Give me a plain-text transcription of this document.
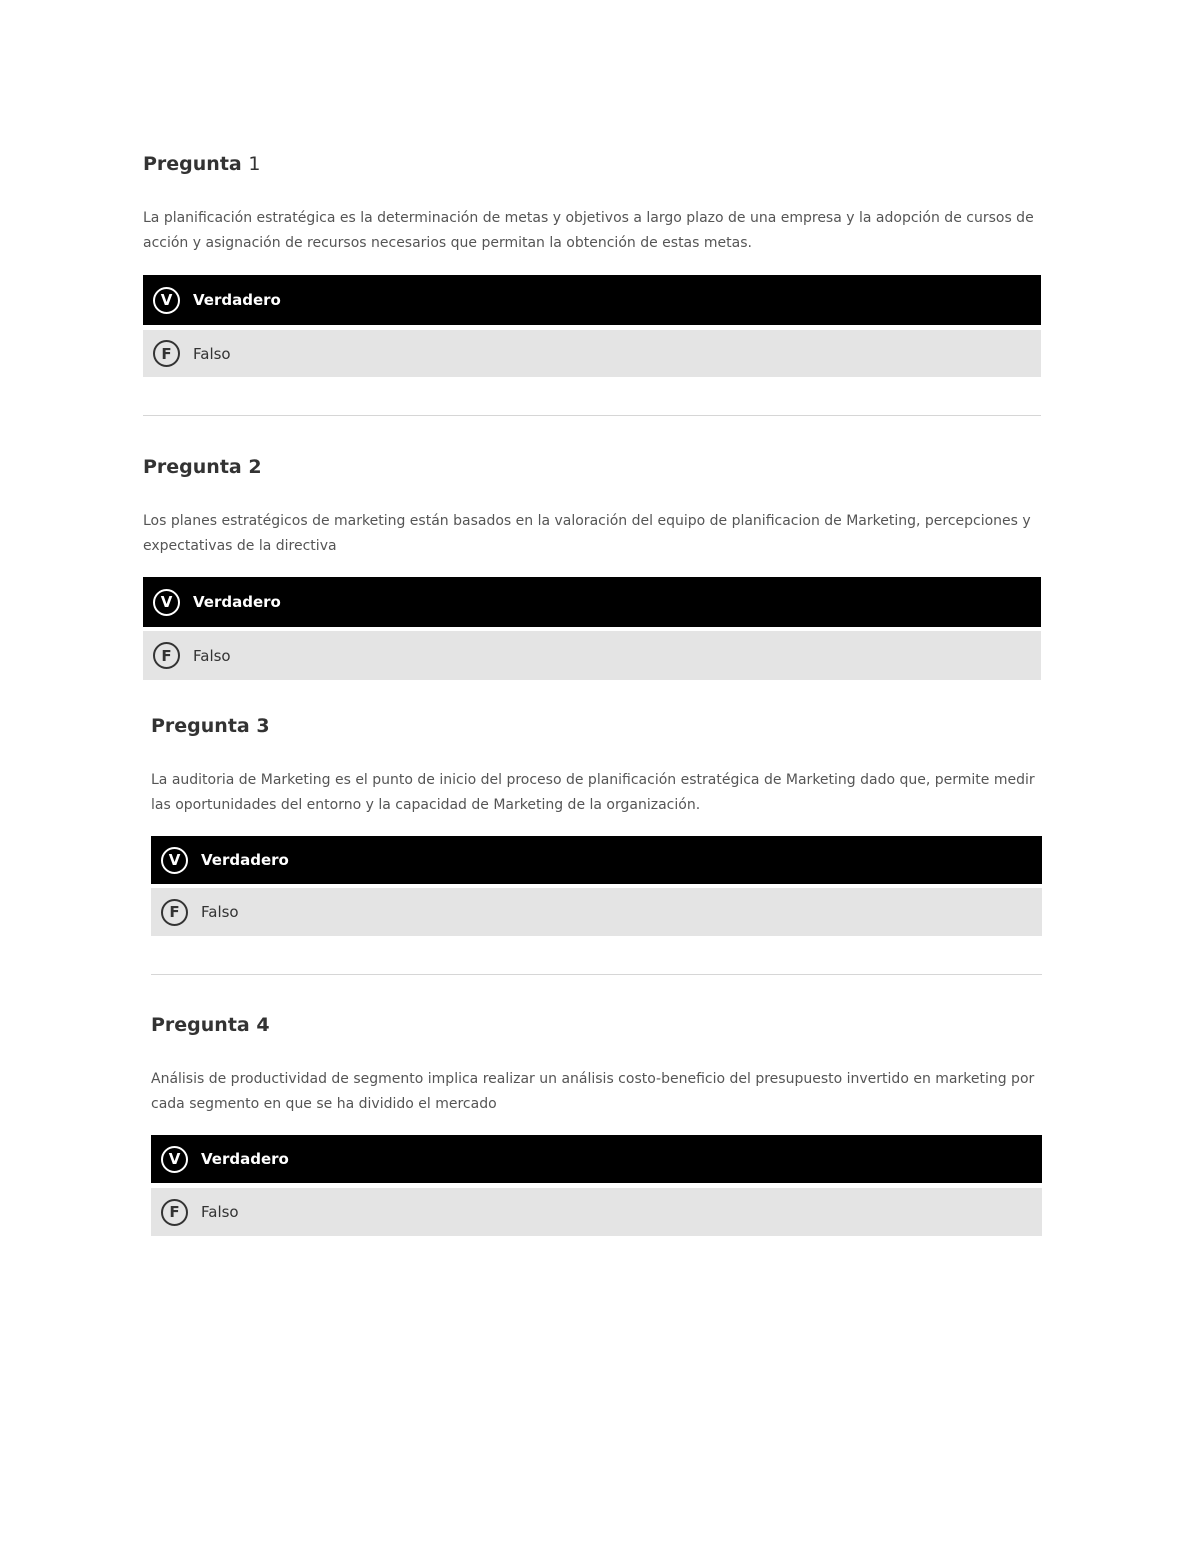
Pregunta 1

La planificación estratégica es la determinación de metas y objetivos a largo plazo de una empresa y la adopción de cursos de acción y asignación de recursos necesarios que permitan la obtención de estas metas.

V	Verdadero
F	Falso
Pregunta 2

Los planes estratégicos de marketing están basados en la valoración del equipo de planificacion de Marketing, percepciones y expectativas de la directiva

V	Verdadero
F	Falso
Pregunta 3

La auditoria de Marketing es el punto de inicio del proceso de planificación estratégica de Marketing dado que, permite medir las oportunidades del entorno y la capacidad de Marketing de la organización.

V	Verdadero
F	Falso
Pregunta 4

Análisis de productividad de segmento implica realizar un análisis costo-beneficio del presupuesto invertido en marketing por cada segmento en que se ha dividido el mercado

V	Verdadero
F	Falso
